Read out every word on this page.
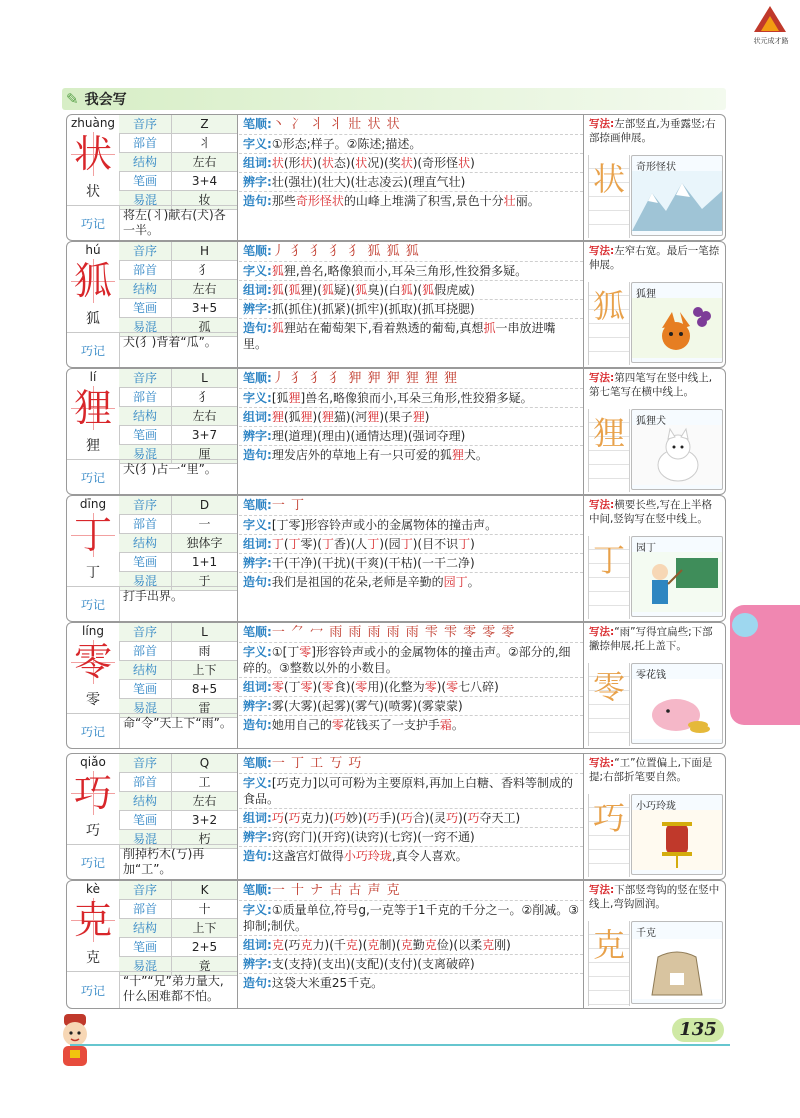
状元成才路
✎ 我会写
zhuàng
状
状
音序	Z
部首	丬
结构	左右
笔画	3+4
易混	妆
巧记
将左(丬)献右(犬)各一半。
笔顺:丶 冫 丬 丬 壯 状 状
字义:①形态;样子。②陈述;描述。
组词:状(形状)(状态)(状况)(奖状)(奇形怪状)
辨字:壮(强壮)(壮大)(壮志凌云)(理直气壮)
造句:那些奇形怪状的山峰上堆满了积雪,景色十分壮丽。
写法:左部竖直,为垂露竖;右部捺画伸展。
状	奇形怪状
hú
狐
狐
音序	H
部首	犭
结构	左右
笔画	3+5
易混	孤
巧记
犬(犭)背着“瓜”。
笔顺:丿 犭 犭 犭 犭 狐 狐 狐
字义:狐狸,兽名,略像狼而小,耳朵三角形,性狡猾多疑。
组词:狐(狐狸)(狐疑)(狐臭)(白狐)(狐假虎威)
辨字:抓(抓住)(抓紧)(抓牢)(抓取)(抓耳挠腮)
造句:狐狸站在葡萄架下,看着熟透的葡萄,真想抓一串放进嘴里。
写法:左窄右宽。最后一笔捺伸展。
狐	狐狸
lí
狸
狸
音序	L
部首	犭
结构	左右
笔画	3+7
易混	厘
巧记
犬(犭)占一“里”。
笔顺:丿 犭 犭 犭 狎 狎 狎 狸 狸 狸
字义:[狐狸]兽名,略像狼而小,耳朵三角形,性狡猾多疑。
组词:狸(狐狸)(狸猫)(河狸)(果子狸)
辨字:理(道理)(理由)(通情达理)(强词夺理)
造句:理发店外的草地上有一只可爱的狐狸犬。
写法:第四笔写在竖中线上,第七笔写在横中线上。
狸	狐狸犬
dīng
丁
丁
音序	D
部首	一
结构	独体字
笔画	1+1
易混	于
巧记
打手出界。
笔顺:一 丁
字义:[丁零]形容铃声或小的金属物体的撞击声。
组词:丁(丁零)(丁香)(人丁)(园丁)(目不识丁)
辨字:干(干净)(干扰)(干爽)(干枯)(一干二净)
造句:我们是祖国的花朵,老师是辛勤的园丁。
写法:横要长些,写在上半格中间,竖钩写在竖中线上。
丁	园丁
líng
零
零
音序	L
部首	雨
结构	上下
笔画	8+5
易混	雷
巧记
命“令”天上下“雨”。
笔顺:一 ⺈ 冖 雨 雨 雨 雨 雨 雫 雫 零 零 零
字义:①[丁零]形容铃声或小的金属物体的撞击声。②部分的,细碎的。③整数以外的小数目。
组词:零(丁零)(零食)(零用)(化整为零)(零七八碎)
辨字:雾(大雾)(起雾)(雾气)(喷雾)(雾蒙蒙)
造句:她用自己的零花钱买了一支护手霜。
写法:“雨”写得宜扁些;下部撇捺伸展,托上盖下。
零	零花钱
qiǎo
巧
巧
音序	Q
部首	工
结构	左右
笔画	3+2
易混	朽
巧记
削掉朽木(丂)再加“工”。
笔顺:一 丁 工 丂 巧
字义:[巧克力]以可可粉为主要原料,再加上白糖、香料等制成的食品。
组词:巧(巧克力)(巧妙)(巧手)(巧合)(灵巧)(巧夺天工)
辨字:窍(窍门)(开窍)(诀窍)(七窍)(一窍不通)
造句:这盏宫灯做得小巧玲珑,真令人喜欢。
写法:“工”位置偏上,下面是提;右部折笔要自然。
巧	小巧玲珑
kè
克
克
音序	K
部首	十
结构	上下
笔画	2+5
易混	竟
巧记
“十”“兄”弟力量大,什么困难都不怕。
笔顺:一 十 ナ 古 古 声 克
字义:①质量单位,符号g,一克等于1千克的千分之一。②削减。③抑制;制伏。
组词:克(巧克力)(千克)(克制)(克勤克俭)(以柔克刚)
辨字:支(支持)(支出)(支配)(支付)(支离破碎)
造句:这袋大米重25千克。
写法:下部竖弯钩的竖在竖中线上,弯钩圆润。
克	千克
135
